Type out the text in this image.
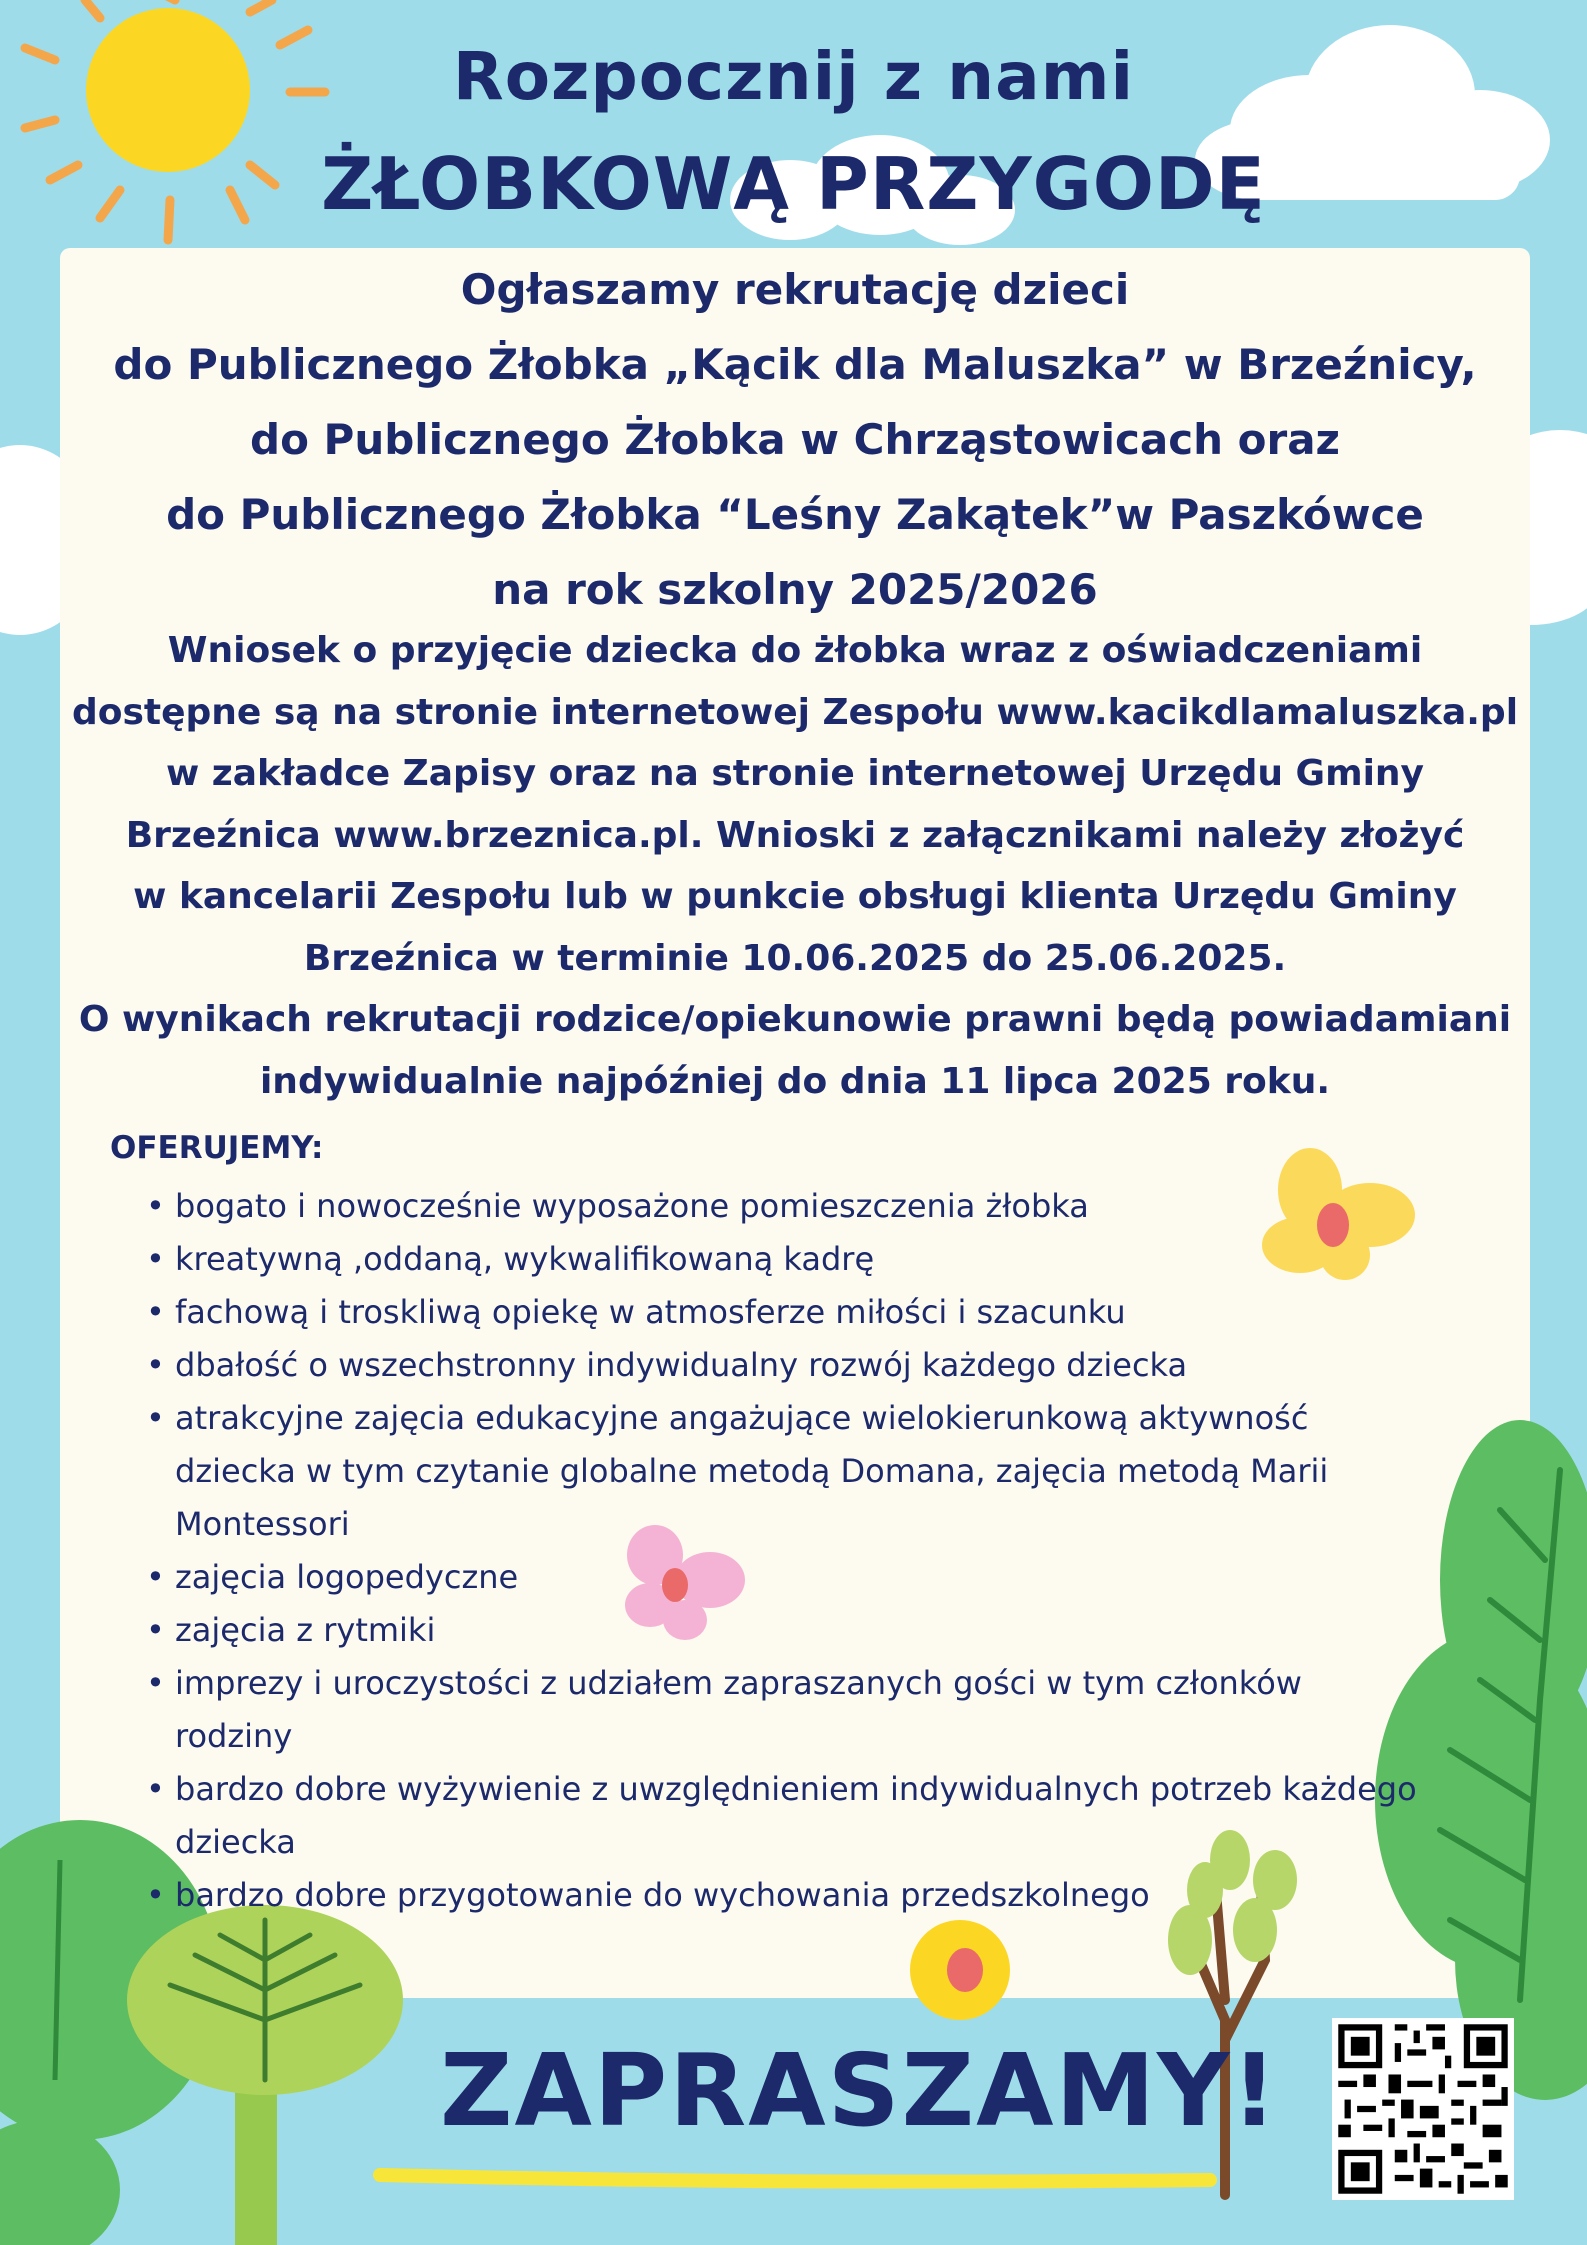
Rozpocznij z nami
ŻŁOBKOWĄ PRZYGODĘ
Ogłaszamy rekrutację dzieci
do Publicznego Żłobka „Kącik dla Maluszka” w Brzeźnicy,
do Publicznego Żłobka w Chrząstowicach oraz
do Publicznego Żłobka “Leśny Zakątek”w Paszkówce
na rok szkolny 2025/2026
Wniosek o przyjęcie dziecka do żłobka wraz z oświadczeniami
dostępne są na stronie internetowej Zespołu www.kacikdlamaluszka.pl
w zakładce Zapisy oraz na stronie internetowej Urzędu Gminy
Brzeźnica www.brzeznica.pl. Wnioski z załącznikami należy złożyć
w kancelarii Zespołu lub w punkcie obsługi klienta Urzędu Gminy
Brzeźnica w terminie 10.06.2025 do 25.06.2025.
O wynikach rekrutacji rodzice/opiekunowie prawni będą powiadamiani
indywidualnie najpóźniej do dnia 11 lipca 2025 roku.
OFERUJEMY:
• bogato i nowocześnie wyposażone pomieszczenia żłobka
• kreatywną ,oddaną, wykwalifikowaną kadrę
• fachową i troskliwą opiekę w atmosferze miłości i szacunku
• dbałość o wszechstronny indywidualny rozwój każdego dziecka
• atrakcyjne zajęcia edukacyjne angażujące wielokierunkową aktywność
dziecka w tym czytanie globalne metodą Domana, zajęcia metodą Marii
Montessori
• zajęcia logopedyczne
• zajęcia z rytmiki
• imprezy i uroczystości z udziałem zapraszanych gości w tym członków
rodziny
• bardzo dobre wyżywienie z uwzględnieniem indywidualnych potrzeb każdego
dziecka
• bardzo dobre przygotowanie do wychowania przedszkolnego
ZAPRASZAMY!
